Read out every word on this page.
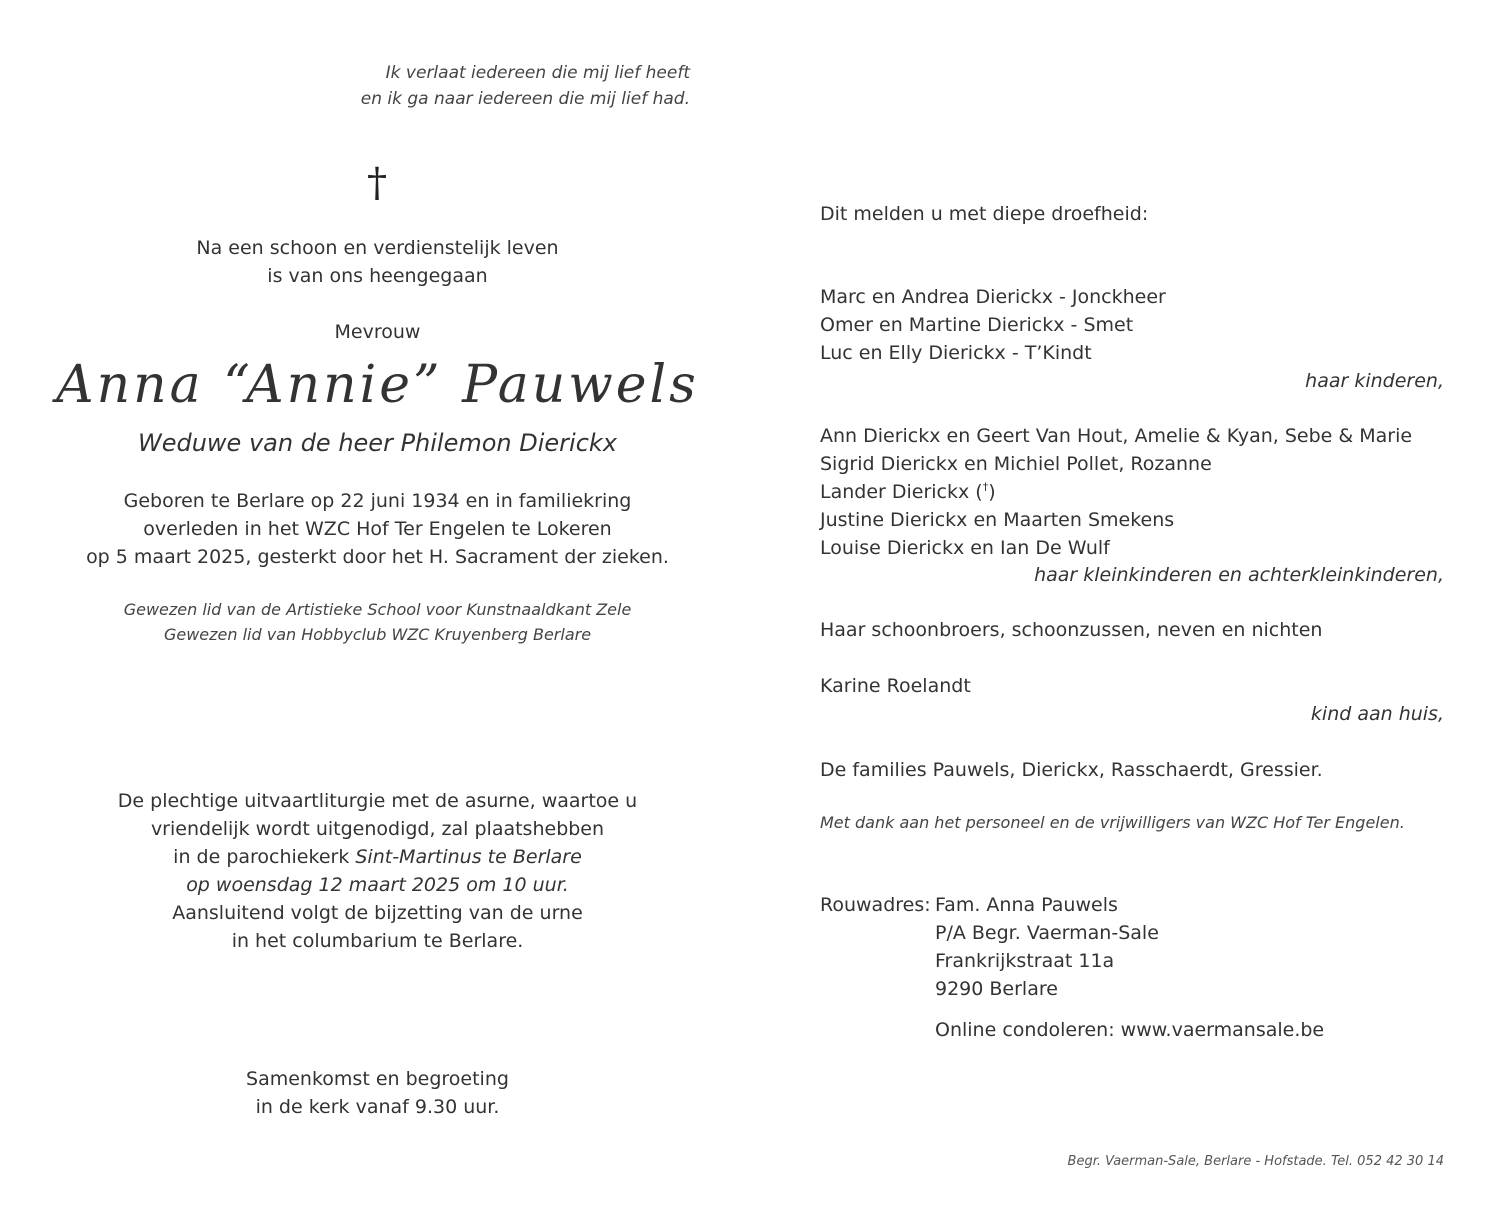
Ik verlaat iedereen die mij lief heeft
en ik ga naar iedereen die mij lief had.
†
Na een schoon en verdienstelijk leven
is van ons heengegaan
Mevrouw
Anna “Annie” Pauwels
Weduwe van de heer Philemon Dierickx
Geboren te Berlare op 22 juni 1934 en in familiekring
overleden in het WZC Hof Ter Engelen te Lokeren
op 5 maart 2025, gesterkt door het H. Sacrament der zieken.
Gewezen lid van de Artistieke School voor Kunstnaaldkant Zele
Gewezen lid van Hobbyclub WZC Kruyenberg Berlare
De plechtige uitvaartliturgie met de asurne, waartoe u
vriendelijk wordt uitgenodigd, zal plaatshebben
in de parochiekerk Sint-Martinus te Berlare
op woensdag 12 maart 2025 om 10 uur.
Aansluitend volgt de bijzetting van de urne
in het columbarium te Berlare.
Samenkomst en begroeting
in de kerk vanaf 9.30 uur.
Dit melden u met diepe droefheid:
Marc en Andrea Dierickx - Jonckheer
Omer en Martine Dierickx - Smet
Luc en Elly Dierickx - T’Kindt
haar kinderen,
Ann Dierickx en Geert Van Hout, Amelie & Kyan, Sebe & Marie
Sigrid Dierickx en Michiel Pollet, Rozanne
Lander Dierickx (†)
Justine Dierickx en Maarten Smekens
Louise Dierickx en Ian De Wulf
haar kleinkinderen en achterkleinkinderen,
Haar schoonbroers, schoonzussen, neven en nichten
Karine Roelandt
kind aan huis,
De families Pauwels, Dierickx, Rasschaerdt, Gressier.
Met dank aan het personeel en de vrijwilligers van WZC Hof Ter Engelen.
Rouwadres: Fam. Anna Pauwels
P/A Begr. Vaerman-Sale
Frankrijkstraat 11a
9290 Berlare
Online condoleren: www.vaermansale.be
Begr. Vaerman-Sale, Berlare - Hofstade. Tel. 052 42 30 14
